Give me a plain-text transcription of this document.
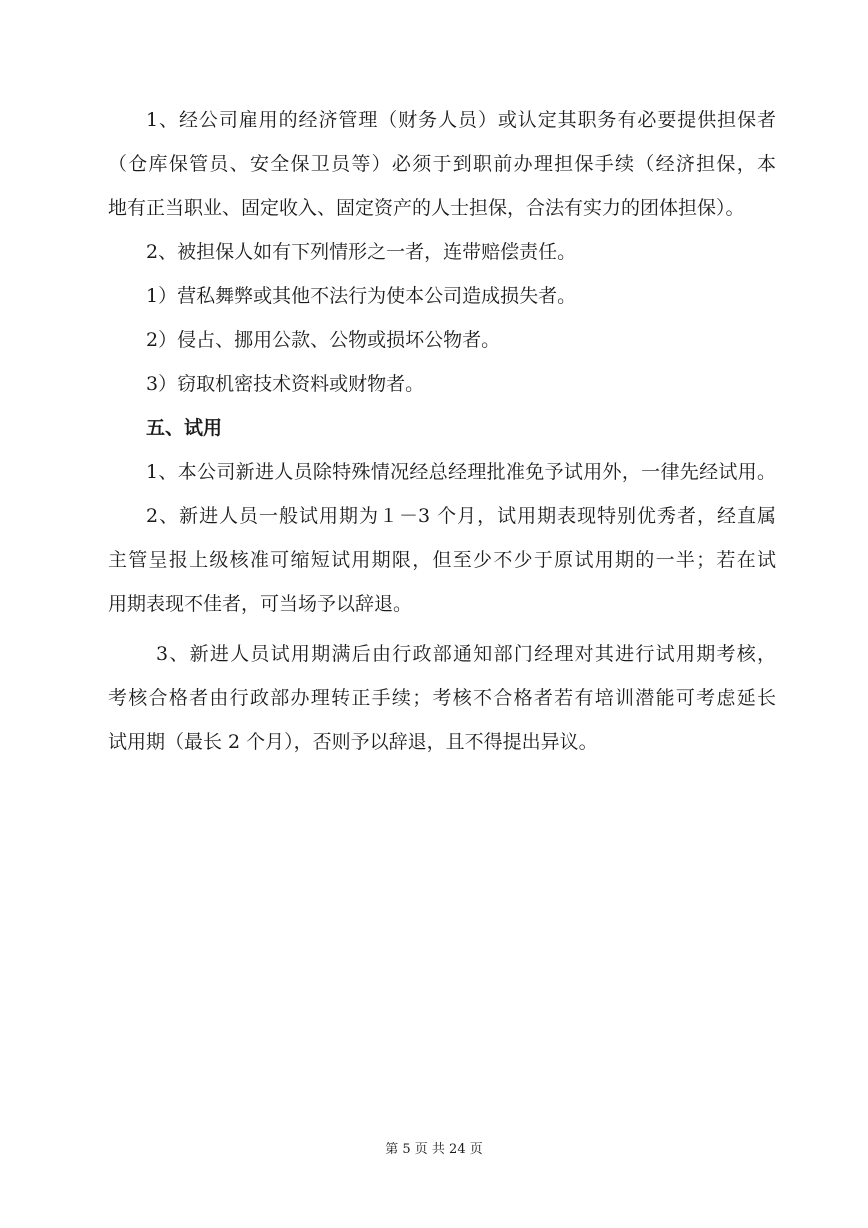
1、经公司雇用的经济管理（财务人员）或认定其职务有必要提供担保者
（仓库保管员、安全保卫员等）必须于到职前办理担保手续（经济担保，本
地有正当职业、固定收入、固定资产的人士担保，合法有实力的团体担保）。
2、被担保人如有下列情形之一者，连带赔偿责任。
1）营私舞弊或其他不法行为使本公司造成损失者。
2）侵占、挪用公款、公物或损坏公物者。
3）窃取机密技术资料或财物者。
五、试用
1、本公司新进人员除特殊情况经总经理批准免予试用外，一律先经试用。
2、新进人员一般试用期为１－3 个月，试用期表现特别优秀者，经直属
主管呈报上级核准可缩短试用期限，但至少不少于原试用期的一半；若在试
用期表现不佳者，可当场予以辞退。
3、新进人员试用期满后由行政部通知部门经理对其进行试用期考核，
考核合格者由行政部办理转正手续；考核不合格者若有培训潜能可考虑延长
试用期（最长 2 个月），否则予以辞退，且不得提出异议。
第 5 页 共 24 页
